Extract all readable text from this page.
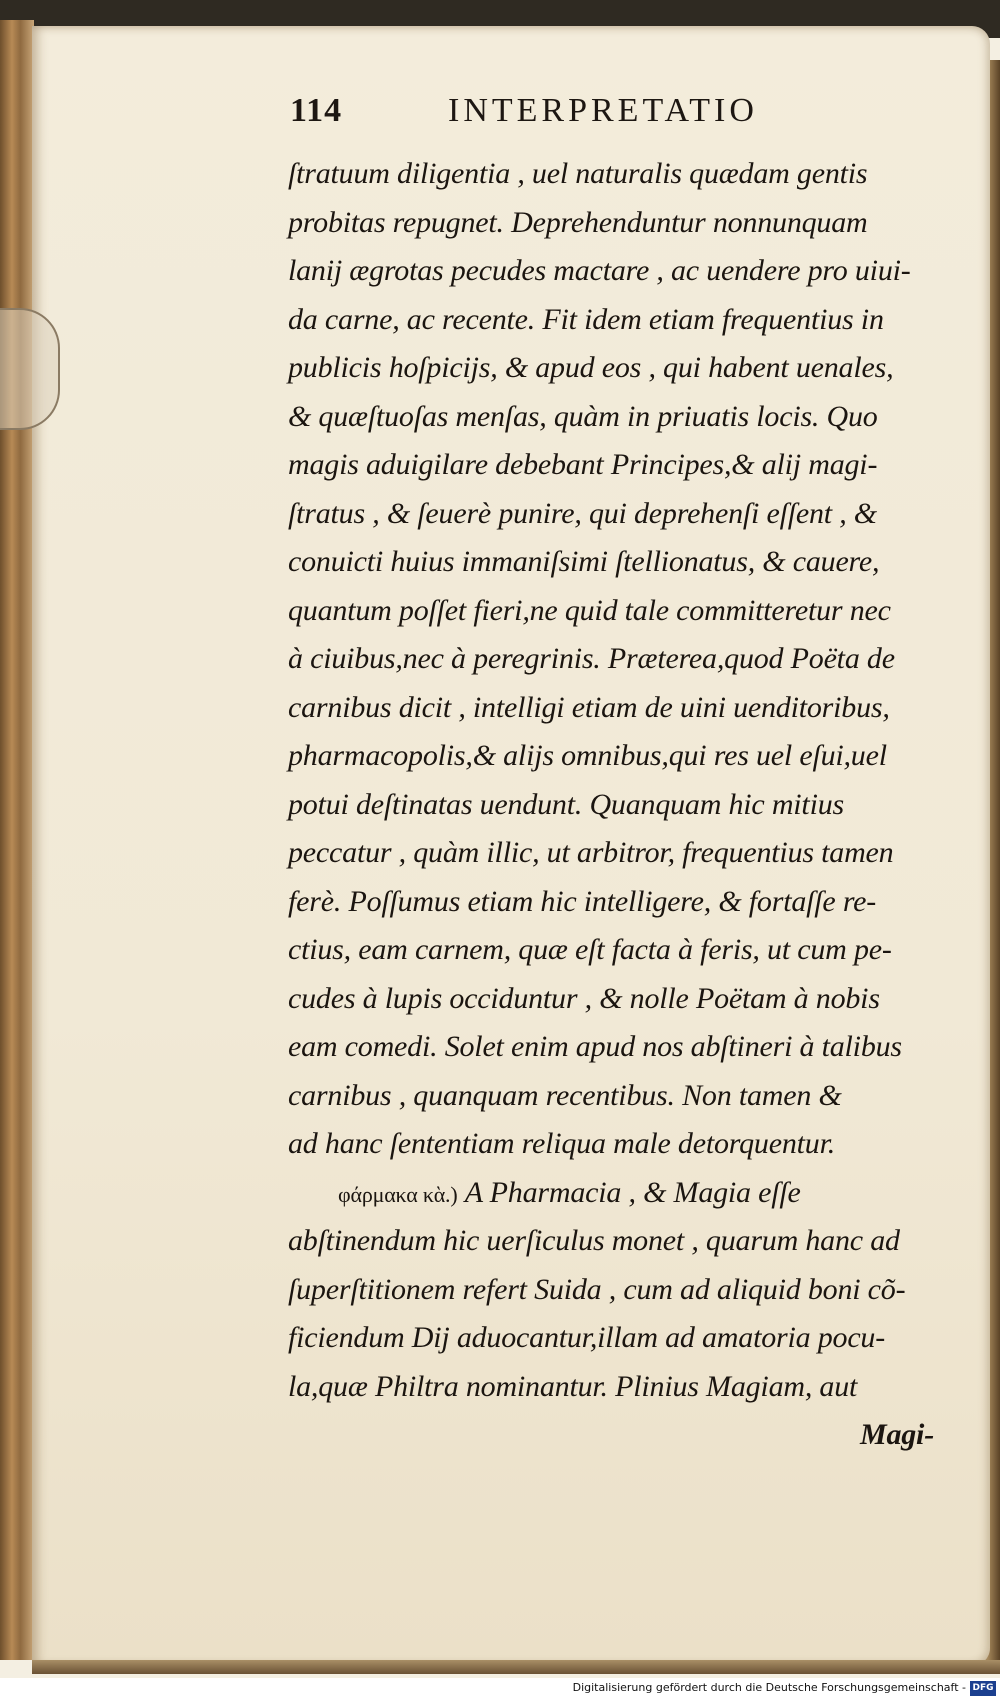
114	INTERPRETATIO
ſtratuum diligentia , uel naturalis quædam gentis
probitas repugnet. Deprehenduntur nonnunquam
lanij ægrotas pecudes mactare , ac uendere pro uiui-
da carne, ac recente. Fit idem etiam frequentius in
publicis hoſpicijs, & apud eos , qui habent uenales,
& quæſtuoſas menſas, quàm in priuatis locis. Quo
magis aduigilare debebant Principes,& alij magi-
ſtratus , & ſeuerè punire, qui deprehenſi eſſent , &
conuicti huius immaniſsimi ſtellionatus, & cauere,
quantum poſſet fieri,ne quid tale committeretur nec
à ciuibus,nec à peregrinis. Præterea,quod Poëta de
carnibus dicit , intelligi etiam de uini uenditoribus,
pharmacopolis,& alijs omnibus,qui res uel eſui,uel
potui deſtinatas uendunt. Quanquam hic mitius
peccatur , quàm illic, ut arbitror, frequentius tamen
ferè. Poſſumus etiam hic intelligere, & fortaſſe re-
ctius, eam carnem, quæ eſt facta à feris, ut cum pe-
cudes à lupis occiduntur , & nolle Poëtam à nobis
eam comedi. Solet enim apud nos abſtineri à talibus
carnibus , quanquam recentibus. Non tamen &
ad hanc ſententiam reliqua male detorquentur.
φάρμακα κὰ.) A Pharmacia , & Magia eſſe
abſtinendum hic uerſiculus monet , quarum hanc ad
ſuperſtitionem refert Suida , cum ad aliquid boni cõ-
ficiendum Dij aduocantur,illam ad amatoria pocu-
la,quæ Philtra nominantur. Plinius Magiam, aut
Magi-
Digitalisierung gefördert durch die Deutsche Forschungsgemeinschaft - DFG
